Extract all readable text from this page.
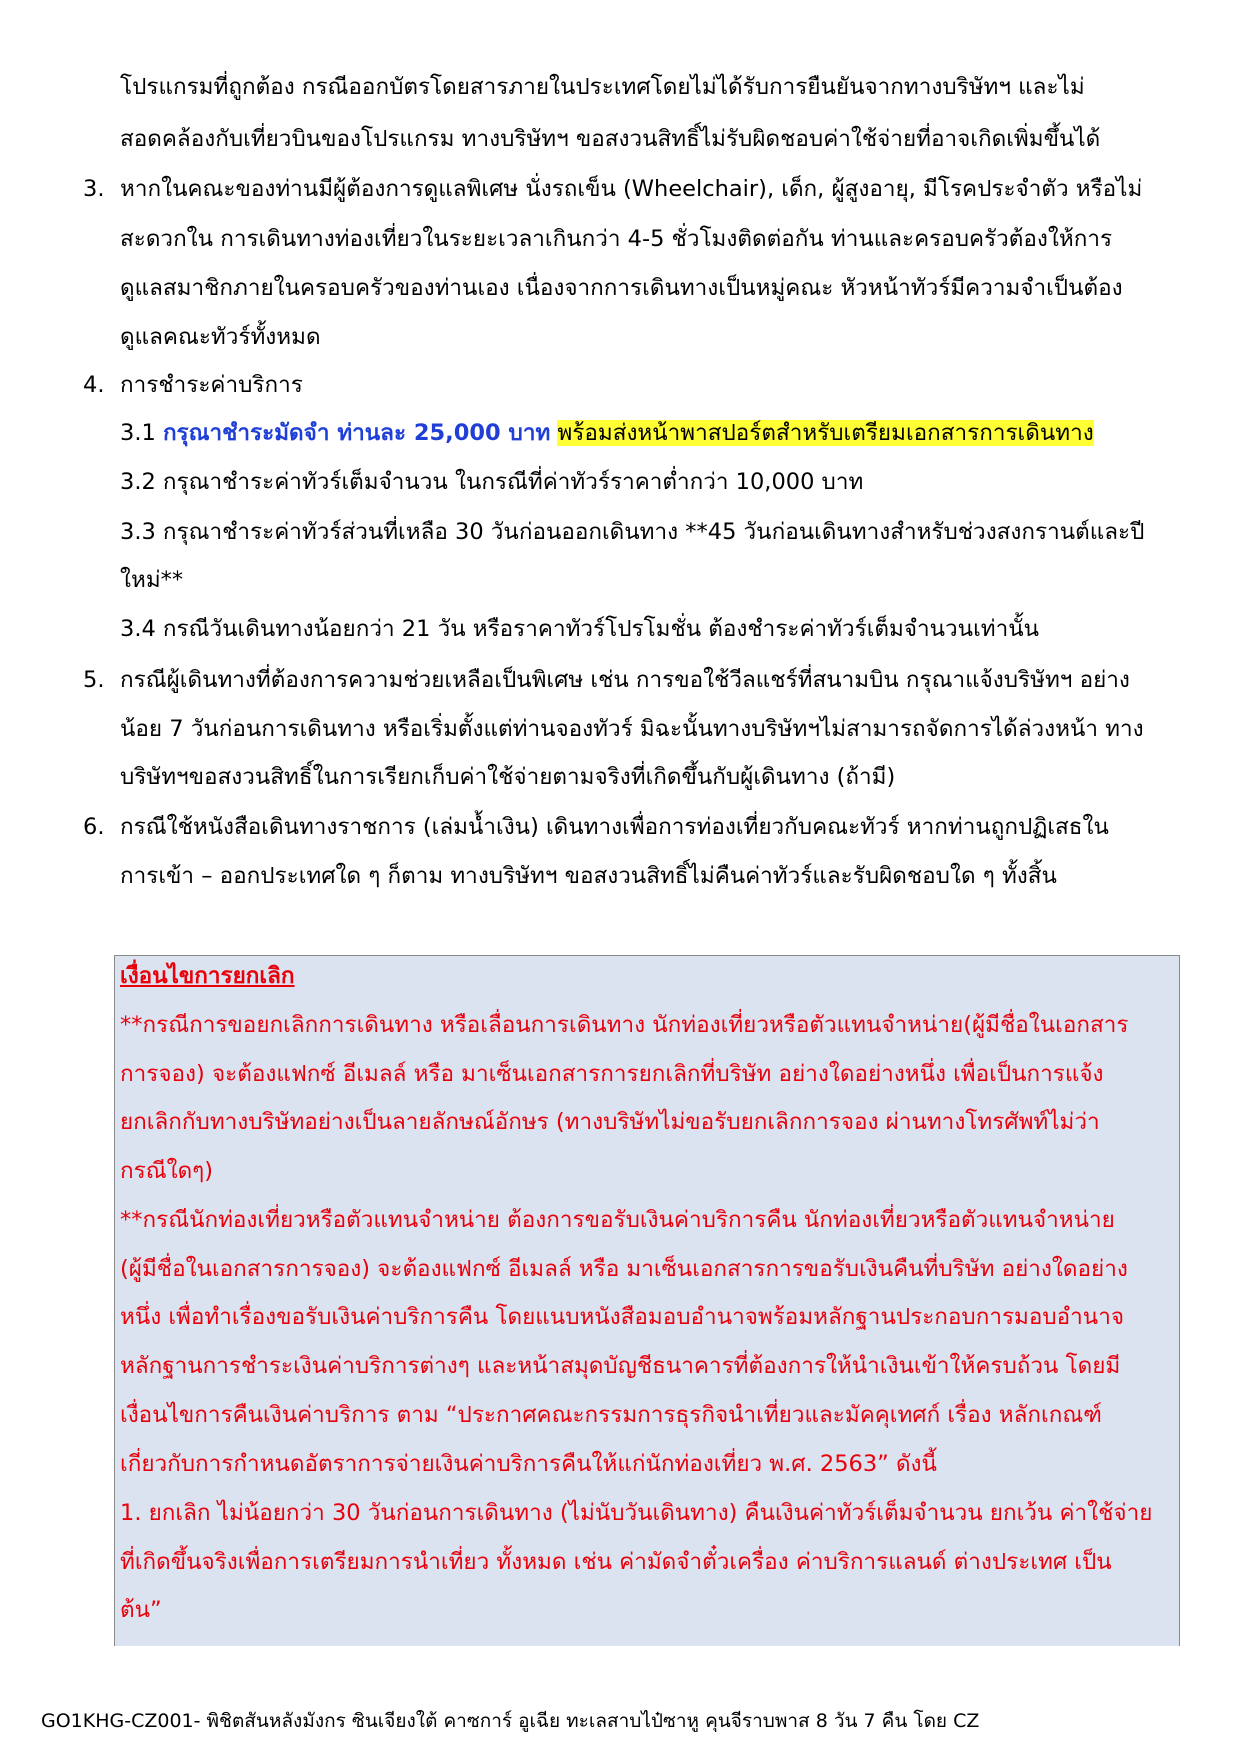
โปรแกรมที่ถูกต้อง กรณีออกบัตรโดยสารภายในประเทศโดยไม่ได้รับการยืนยันจากทางบริษัทฯ และไม่
สอดคล้องกับเที่ยวบินของโปรแกรม ทางบริษัทฯ ขอสงวนสิทธิ์ไม่รับผิดชอบค่าใช้จ่ายที่อาจเกิดเพิ่มขึ้นได้
3. หากในคณะของท่านมีผู้ต้องการดูแลพิเศษ นั่งรถเข็น (Wheelchair), เด็ก, ผู้สูงอายุ, มีโรคประจำตัว หรือไม่
สะดวกใน การเดินทางท่องเที่ยวในระยะเวลาเกินกว่า 4-5 ชั่วโมงติดต่อกัน ท่านและครอบครัวต้องให้การ
ดูแลสมาชิกภายในครอบครัวของท่านเอง เนื่องจากการเดินทางเป็นหมู่คณะ หัวหน้าทัวร์มีความจำเป็นต้อง
ดูแลคณะทัวร์ทั้งหมด
4. การชำระค่าบริการ
3.1 กรุณาชำระมัดจำ ท่านละ 25,000 บาท พร้อมส่งหน้าพาสปอร์ตสำหรับเตรียมเอกสารการเดินทาง
3.2 กรุณาชำระค่าทัวร์เต็มจำนวน ในกรณีที่ค่าทัวร์ราคาต่ำกว่า 10,000 บาท
3.3 กรุณาชำระค่าทัวร์ส่วนที่เหลือ 30 วันก่อนออกเดินทาง **45 วันก่อนเดินทางสำหรับช่วงสงกรานต์และปี
ใหม่**
3.4 กรณีวันเดินทางน้อยกว่า 21 วัน หรือราคาทัวร์โปรโมชั่น ต้องชำระค่าทัวร์เต็มจำนวนเท่านั้น
5. กรณีผู้เดินทางที่ต้องการความช่วยเหลือเป็นพิเศษ เช่น การขอใช้วีลแชร์ที่สนามบิน กรุณาแจ้งบริษัทฯ อย่าง
น้อย 7 วันก่อนการเดินทาง หรือเริ่มตั้งแต่ท่านจองทัวร์ มิฉะนั้นทางบริษัทฯไม่สามารถจัดการได้ล่วงหน้า ทาง
บริษัทฯขอสงวนสิทธิ์ในการเรียกเก็บค่าใช้จ่ายตามจริงที่เกิดขึ้นกับผู้เดินทาง (ถ้ามี)
6. กรณีใช้หนังสือเดินทางราชการ (เล่มน้ำเงิน) เดินทางเพื่อการท่องเที่ยวกับคณะทัวร์ หากท่านถูกปฏิเสธใน
การเข้า – ออกประเทศใด ๆ ก็ตาม ทางบริษัทฯ ขอสงวนสิทธิ์ไม่คืนค่าทัวร์และรับผิดชอบใด ๆ ทั้งสิ้น
เงื่อนไขการยกเลิก
**กรณีการขอยกเลิกการเดินทาง หรือเลื่อนการเดินทาง นักท่องเที่ยวหรือตัวแทนจำหน่าย(ผู้มีชื่อในเอกสาร
การจอง) จะต้องแฟกซ์ อีเมลล์ หรือ มาเซ็นเอกสารการยกเลิกที่บริษัท อย่างใดอย่างหนึ่ง เพื่อเป็นการแจ้ง
ยกเลิกกับทางบริษัทอย่างเป็นลายลักษณ์อักษร (ทางบริษัทไม่ขอรับยกเลิกการจอง ผ่านทางโทรศัพท์ไม่ว่า
กรณีใดๆ)
**กรณีนักท่องเที่ยวหรือตัวแทนจำหน่าย ต้องการขอรับเงินค่าบริการคืน นักท่องเที่ยวหรือตัวแทนจำหน่าย
(ผู้มีชื่อในเอกสารการจอง) จะต้องแฟกซ์ อีเมลล์ หรือ มาเซ็นเอกสารการขอรับเงินคืนที่บริษัท อย่างใดอย่าง
หนึ่ง เพื่อทำเรื่องขอรับเงินค่าบริการคืน โดยแนบหนังสือมอบอำนาจพร้อมหลักฐานประกอบการมอบอำนาจ
หลักฐานการชำระเงินค่าบริการต่างๆ และหน้าสมุดบัญชีธนาคารที่ต้องการให้นำเงินเข้าให้ครบถ้วน โดยมี
เงื่อนไขการคืนเงินค่าบริการ ตาม “ประกาศคณะกรรมการธุรกิจนำเที่ยวและมัคคุเทศก์ เรื่อง หลักเกณฑ์
เกี่ยวกับการกำหนดอัตราการจ่ายเงินค่าบริการคืนให้แก่นักท่องเที่ยว พ.ศ. 2563” ดังนี้
1. ยกเลิก ไม่น้อยกว่า 30 วันก่อนการเดินทาง (ไม่นับวันเดินทาง) คืนเงินค่าทัวร์เต็มจำนวน ยกเว้น ค่าใช้จ่าย
ที่เกิดขึ้นจริงเพื่อการเตรียมการนำเที่ยว ทั้งหมด เช่น ค่ามัดจำตั๋วเครื่อง ค่าบริการแลนด์ ต่างประเทศ เป็น
ต้น”
GO1KHG-CZ001- พิชิตสันหลังมังกร ซินเจียงใต้ คาซการ์ อูเฉีย ทะเลสาบไป๋ซาหู คุนจีราบพาส 8 วัน 7 คืน โดย CZ
